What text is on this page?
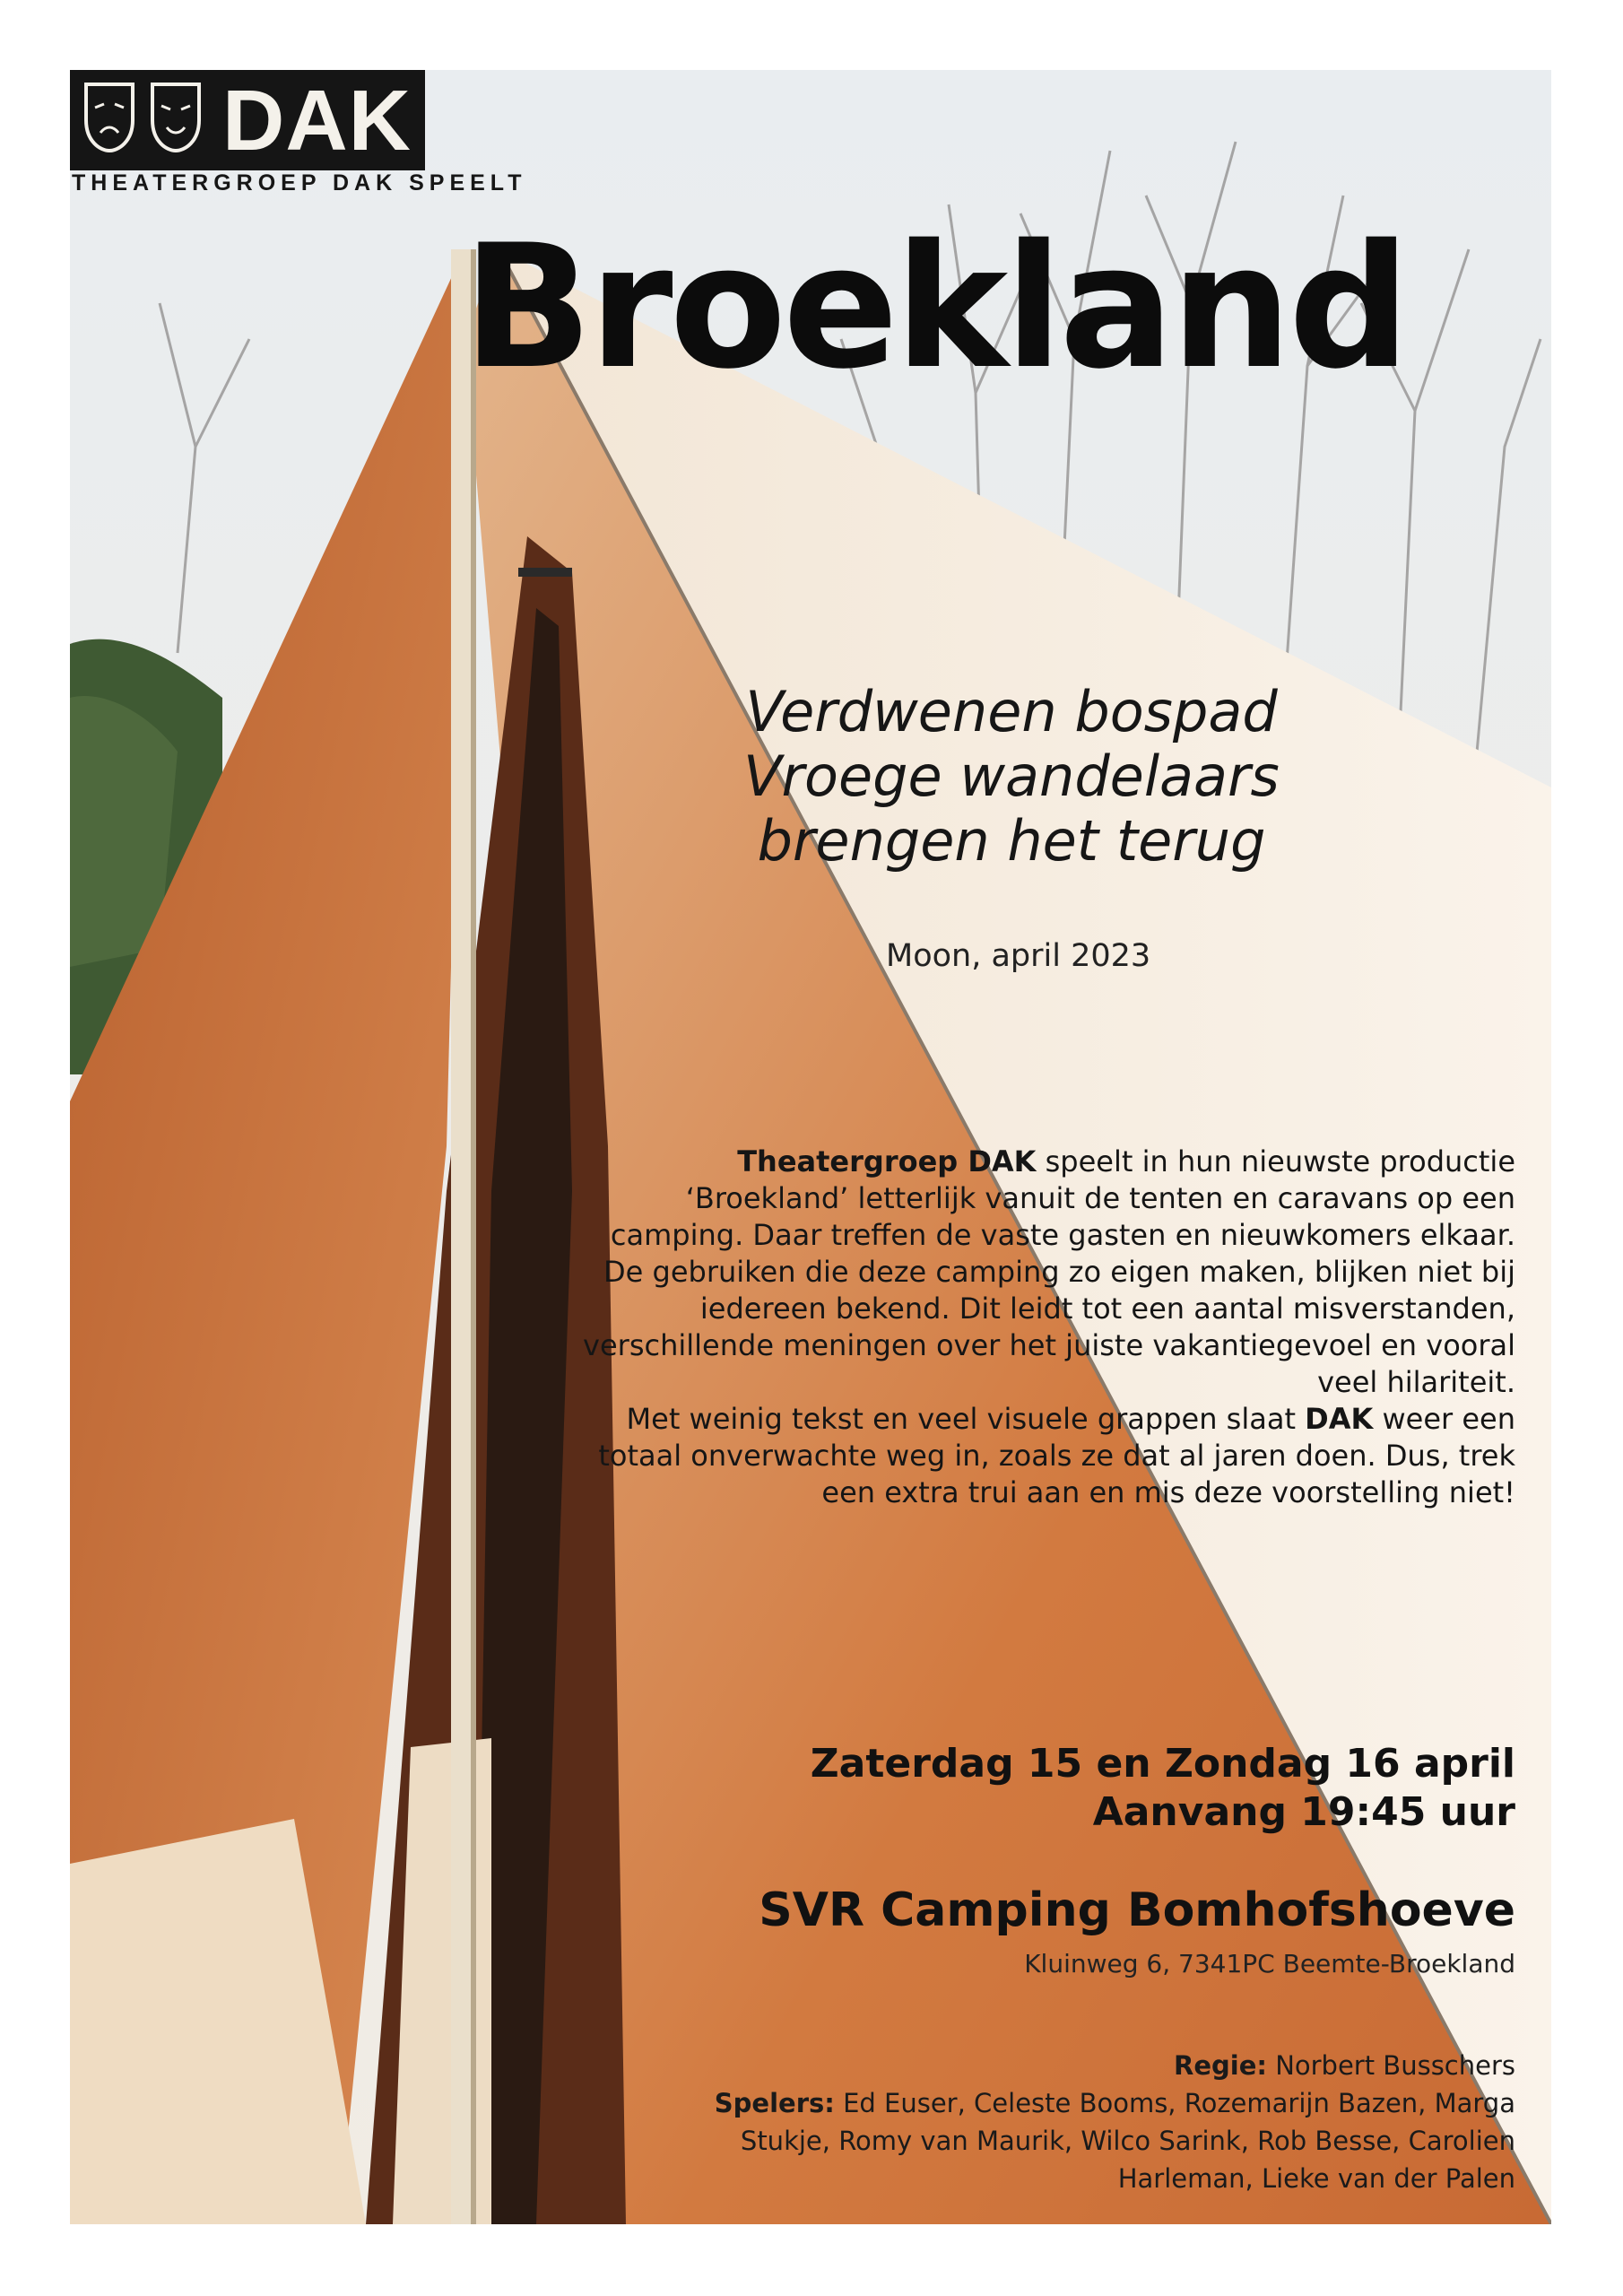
DAK
THEATERGROEP DAK SPEELT
Broekland
Verdwenen bospad
Vroege wandelaars
brengen het terug
Moon, april 2023

Theatergroep DAK speelt in hun nieuwste productie ‘Broekland’ letterlijk vanuit de tenten en caravans op een camping. Daar treffen de vaste gasten en nieuwkomers elkaar. De gebruiken die deze camping zo eigen maken, blijken niet bij iedereen bekend. Dit leidt tot een aantal misverstanden, verschillende meningen over het juiste vakantiegevoel en vooral veel hilariteit.

Met weinig tekst en veel visuele grappen slaat DAK weer een totaal onverwachte weg in, zoals ze dat al jaren doen. Dus, trek een extra trui aan en mis deze voorstelling niet!

Zaterdag 15 en Zondag 16 april
Aanvang 19:45 uur
SVR Camping Bomhofshoeve
Kluinweg 6, 7341PC Beemte-Broekland
Regie: Norbert Busschers
Spelers: Ed Euser, Celeste Booms, Rozemarijn Bazen, Marga Stukje, Romy van Maurik, Wilco Sarink, Rob Besse, Carolien Harleman, Lieke van der Palen
